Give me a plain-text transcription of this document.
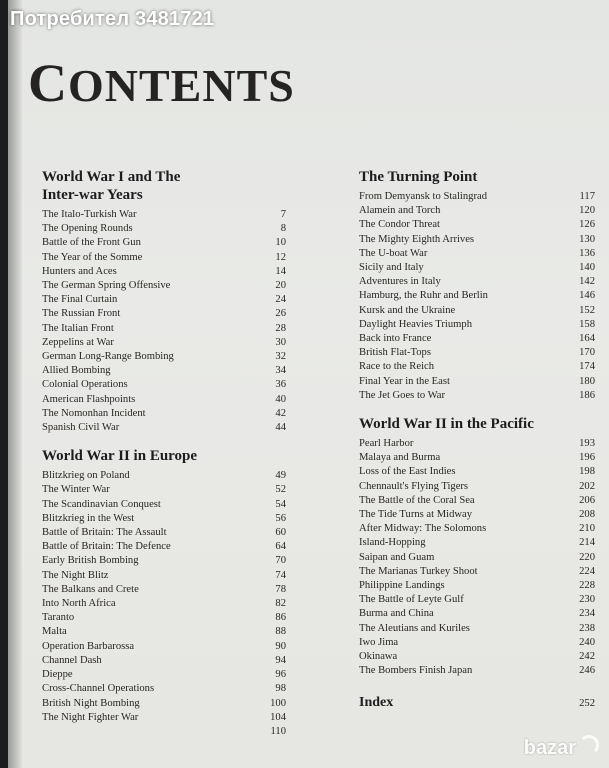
CONTENTS
World War I and The
Inter-war Years
The Italo-Turkish War	7
The Opening Rounds	8
Battle of the Front Gun	10
The Year of the Somme	12
Hunters and Aces	14
The German Spring Offensive	20
The Final Curtain	24
The Russian Front	26
The Italian Front	28
Zeppelins at War	30
German Long-Range Bombing	32
Allied Bombing	34
Colonial Operations	36
American Flashpoints	40
The Nomonhan Incident	42
Spanish Civil War	44
World War II in Europe
Blitzkrieg on Poland	49
The Winter War	52
The Scandinavian Conquest	54
Blitzkrieg in the West	56
Battle of Britain: The Assault	60
Battle of Britain: The Defence	64
Early British Bombing	70
The Night Blitz	74
The Balkans and Crete	78
Into North Africa	82
Taranto	86
Malta	88
Operation Barbarossa	90
Channel Dash	94
Dieppe	96
Cross-Channel Operations	98
British Night Bombing	100
The Night Fighter War	104
110
The Turning Point
From Demyansk to Stalingrad	117
Alamein and Torch	120
The Condor Threat	126
The Mighty Eighth Arrives	130
The U-boat War	136
Sicily and Italy	140
Adventures in Italy	142
Hamburg, the Ruhr and Berlin	146
Kursk and the Ukraine	152
Daylight Heavies Triumph	158
Back into France	164
British Flat-Tops	170
Race to the Reich	174
Final Year in the East	180
The Jet Goes to War	186
World War II in the Pacific
Pearl Harbor	193
Malaya and Burma	196
Loss of the East Indies	198
Chennault's Flying Tigers	202
The Battle of the Coral Sea	206
The Tide Turns at Midway	208
After Midway: The Solomons	210
Island-Hopping	214
Saipan and Guam	220
The Marianas Turkey Shoot	224
Philippine Landings	228
The Battle of Leyte Gulf	230
Burma and China	234
The Aleutians and Kuriles	238
Iwo Jima	240
Okinawa	242
The Bombers Finish Japan	246
Index	252
Потребител 3481721
bazar
